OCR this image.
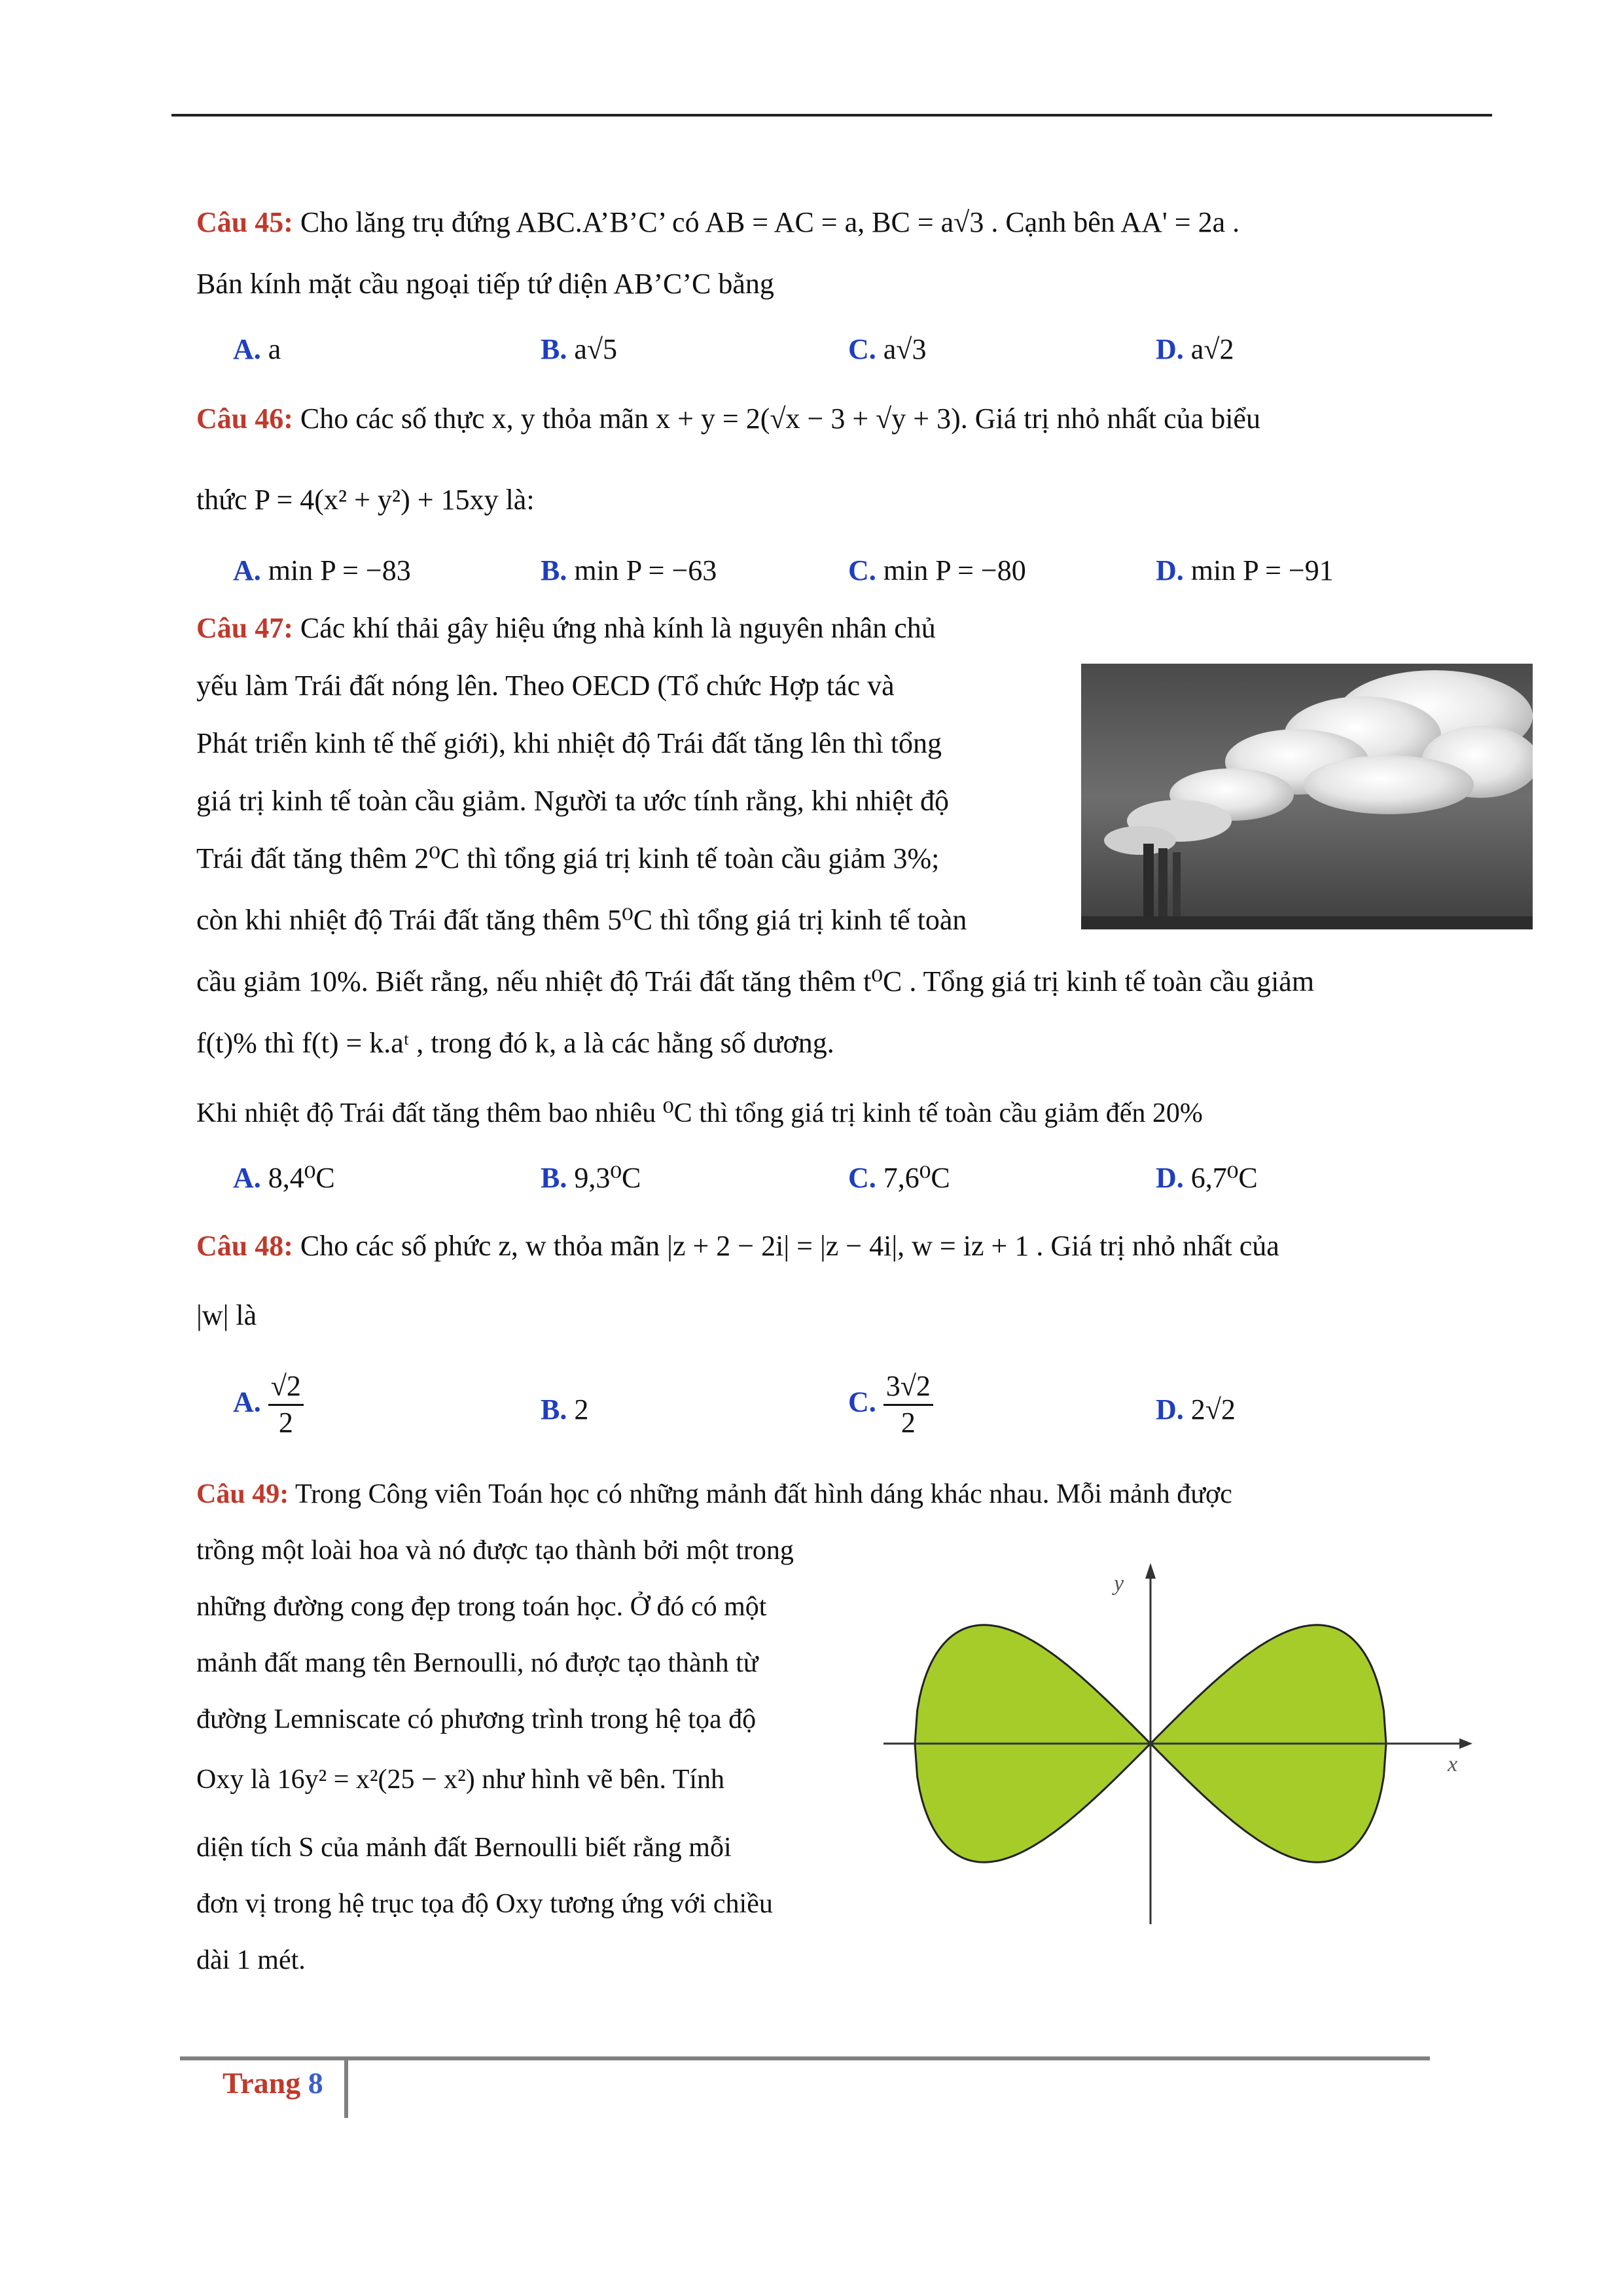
Câu 45: Cho lăng trụ đứng ABC.A’B’C’ có AB = AC = a, BC = a√3 . Cạnh bên AA' = 2a .
Bán kính mặt cầu ngoại tiếp tứ diện AB’C’C bằng
A. a	B. a√5	C. a√3	D. a√2
Câu 46: Cho các số thực x, y thỏa mãn x + y = 2(√x − 3 + √y + 3). Giá trị nhỏ nhất của biểu
thức P = 4(x² + y²) + 15xy là:
A. min P = −83	B. min P = −63	C. min P = −80	D. min P = −91
Câu 47: Các khí thải gây hiệu ứng nhà kính là nguyên nhân chủ
yếu làm Trái đất nóng lên. Theo OECD (Tổ chức Hợp tác và
Phát triển kinh tế thế giới), khi nhiệt độ Trái đất tăng lên thì tổng
giá trị kinh tế toàn cầu giảm. Người ta ước tính rằng, khi nhiệt độ
Trái đất tăng thêm 2⁰C thì tổng giá trị kinh tế toàn cầu giảm 3%;
còn khi nhiệt độ Trái đất tăng thêm 5⁰C thì tổng giá trị kinh tế toàn
cầu giảm 10%. Biết rằng, nếu nhiệt độ Trái đất tăng thêm t⁰C . Tổng giá trị kinh tế toàn cầu giảm
f(t)% thì f(t) = k.aᵗ , trong đó k, a là các hằng số dương.
Khi nhiệt độ Trái đất tăng thêm bao nhiêu ⁰C thì tổng giá trị kinh tế toàn cầu giảm đến 20%
A. 8,4⁰C	B. 9,3⁰C	C. 7,6⁰C	D. 6,7⁰C
Câu 48: Cho các số phức z, w thỏa mãn |z + 2 − 2i| = |z − 4i|, w = iz + 1 . Giá trị nhỏ nhất của
|w| là
A. $\frac{√2}{2}$	B. 2	C. $\frac{3√2}{2}$	D. 2√2
Câu 49: Trong Công viên Toán học có những mảnh đất hình dáng khác nhau. Mỗi mảnh được
trồng một loài hoa và nó được tạo thành bởi một trong
những đường cong đẹp trong toán học. Ở đó có một
mảnh đất mang tên Bernoulli, nó được tạo thành từ
đường Lemniscate có phương trình trong hệ tọa độ
Oxy là 16y² = x²(25 − x²) như hình vẽ bên. Tính
diện tích S của mảnh đất Bernoulli biết rằng mỗi
đơn vị trong hệ trục tọa độ Oxy tương ứng với chiều
dài 1 mét.
y
x
Trang 8
